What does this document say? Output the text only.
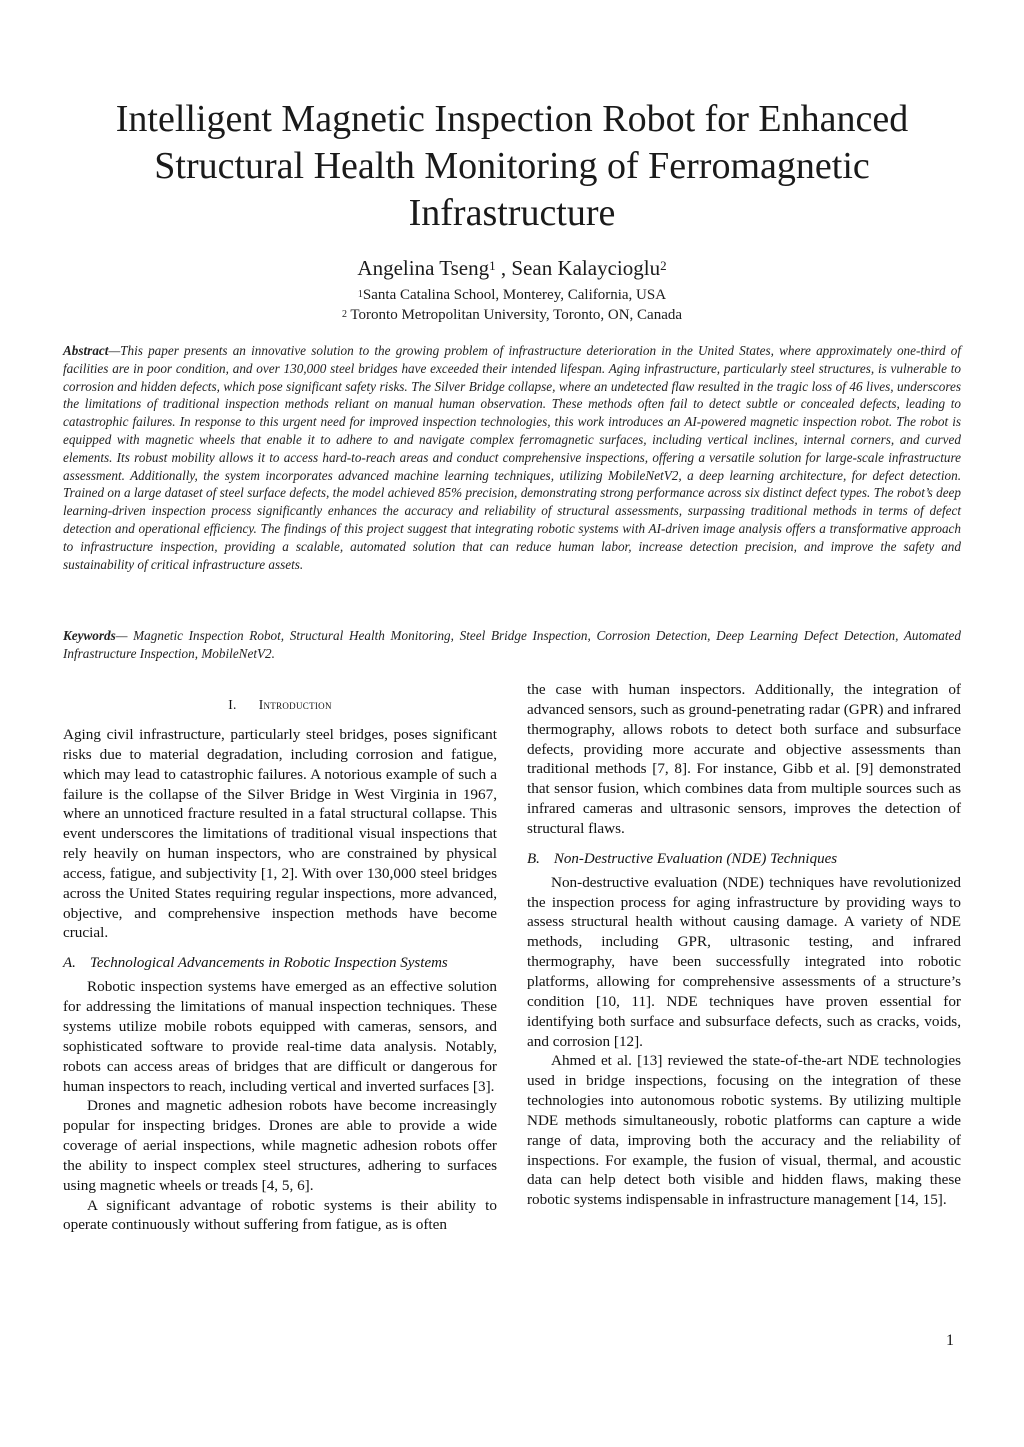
Intelligent Magnetic Inspection Robot for Enhanced
Structural Health Monitoring of Ferromagnetic
Infrastructure
Angelina Tseng$^1$ , Sean Kalaycioglu$^2$
$^1$Santa Catalina School, Monterey, California, USA
$^2$ Toronto Metropolitan University, Toronto, ON, Canada

Abstract—This paper presents an innovative solution to the growing problem of infrastructure deterioration in the United States, where approximately one-third of facilities are in poor condition, and over 130,000 steel bridges have exceeded their intended lifespan. Aging infrastructure, particularly steel structures, is vulnerable to corrosion and hidden defects, which pose significant safety risks. The Silver Bridge collapse, where an undetected flaw resulted in the tragic loss of 46 lives, underscores the limitations of traditional inspection methods reliant on manual human observation. These methods often fail to detect subtle or concealed defects, leading to catastrophic failures. In response to this urgent need for improved inspection technologies, this work introduces an AI-powered magnetic inspection robot. The robot is equipped with magnetic wheels that enable it to adhere to and navigate complex ferromagnetic surfaces, including vertical inclines, internal corners, and curved elements. Its robust mobility allows it to access hard-to-reach areas and conduct comprehensive inspections, offering a versatile solution for large-scale infrastructure assessment. Additionally, the system incorporates advanced machine learning techniques, utilizing MobileNetV2, a deep learning architecture, for defect detection. Trained on a large dataset of steel surface defects, the model achieved 85% precision, demonstrating strong performance across six distinct defect types. The robot’s deep learning-driven inspection process significantly enhances the accuracy and reliability of structural assessments, surpassing traditional methods in terms of defect detection and operational efficiency. The findings of this project suggest that integrating robotic systems with AI-driven image analysis offers a transformative approach to infrastructure inspection, providing a scalable, automated solution that can reduce human labor, increase detection precision, and improve the safety and sustainability of critical infrastructure assets.

Keywords— Magnetic Inspection Robot, Structural Health Monitoring, Steel Bridge Inspection, Corrosion Detection, Deep Learning Defect Detection, Automated Infrastructure Inspection, MobileNetV2.

I. Introduction

Aging civil infrastructure, particularly steel bridges, poses significant risks due to material degradation, including corrosion and fatigue, which may lead to catastrophic failures. A notorious example of such a failure is the collapse of the Silver Bridge in West Virginia in 1967, where an unnoticed fracture resulted in a fatal structural collapse. This event underscores the limitations of traditional visual inspections that rely heavily on human inspectors, who are constrained by physical access, fatigue, and subjectivity [1, 2]. With over 130,000 steel bridges across the United States requiring regular inspections, more advanced, objective, and comprehensive inspection methods have become crucial.

A. Technological Advancements in Robotic Inspection Systems

Robotic inspection systems have emerged as an effective solution for addressing the limitations of manual inspection techniques. These systems utilize mobile robots equipped with cameras, sensors, and sophisticated software to provide real-time data analysis. Notably, robots can access areas of bridges that are difficult or dangerous for human inspectors to reach, including vertical and inverted surfaces [3].

Drones and magnetic adhesion robots have become increasingly popular for inspecting bridges. Drones are able to provide a wide coverage of aerial inspections, while magnetic adhesion robots offer the ability to inspect complex steel structures, adhering to surfaces using magnetic wheels or treads [4, 5, 6].

A significant advantage of robotic systems is their ability to operate continuously without suffering from fatigue, as is often

the case with human inspectors. Additionally, the integration of advanced sensors, such as ground-penetrating radar (GPR) and infrared thermography, allows robots to detect both surface and subsurface defects, providing more accurate and objective assessments than traditional methods [7, 8]. For instance, Gibb et al. [9] demonstrated that sensor fusion, which combines data from multiple sources such as infrared cameras and ultrasonic sensors, improves the detection of structural flaws.

B. Non-Destructive Evaluation (NDE) Techniques

Non-destructive evaluation (NDE) techniques have revolutionized the inspection process for aging infrastructure by providing ways to assess structural health without causing damage. A variety of NDE methods, including GPR, ultrasonic testing, and infrared thermography, have been successfully integrated into robotic platforms, allowing for comprehensive assessments of a structure’s condition [10, 11]. NDE techniques have proven essential for identifying both surface and subsurface defects, such as cracks, voids, and corrosion [12].

Ahmed et al. [13] reviewed the state-of-the-art NDE technologies used in bridge inspections, focusing on the integration of these technologies into autonomous robotic systems. By utilizing multiple NDE methods simultaneously, robotic platforms can capture a wide range of data, improving both the accuracy and the reliability of inspections. For example, the fusion of visual, thermal, and acoustic data can help detect both visible and hidden flaws, making these robotic systems indispensable in infrastructure management [14, 15].

1
